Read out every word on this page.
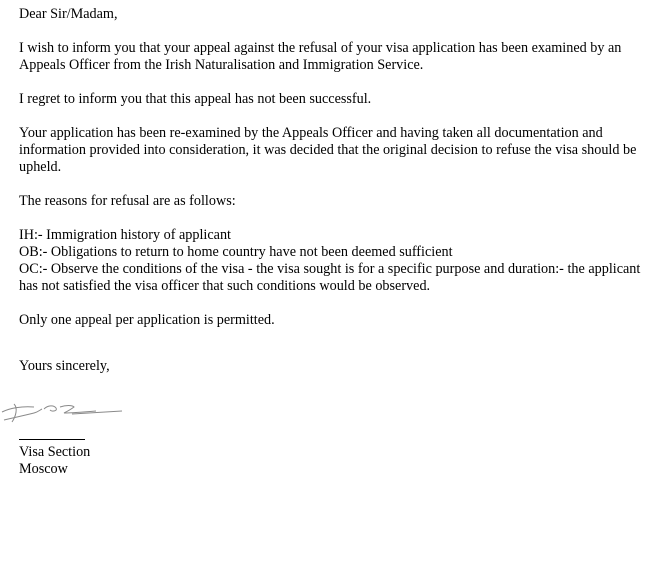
Dear Sir/Madam,

I wish to inform you that your appeal against the refusal of your visa application has been examined by an Appeals Officer from the Irish Naturalisation and Immigration Service.

I regret to inform you that this appeal has not been successful.

Your application has been re-examined by the Appeals Officer and having taken all documentation and information provided into consideration, it was decided that the original decision to refuse the visa should be upheld.

The reasons for refusal are as follows:

IH:- Immigration history of applicant
OB:- Obligations to return to home country have not been deemed sufficient
OC:- Observe the conditions of the visa - the visa sought is for a specific purpose and duration:- the applicant has not satisfied the visa officer that such conditions would be observed.

Only one appeal per application is permitted.

Yours sincerely,

Visa Section
Moscow
